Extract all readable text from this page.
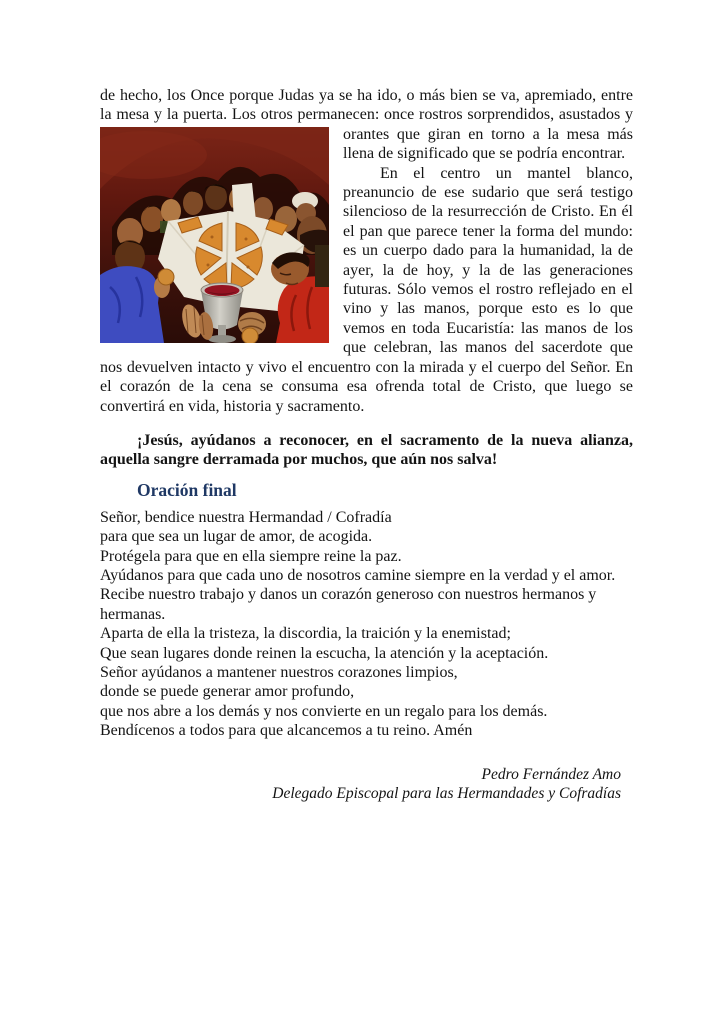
de hecho, los Once porque Judas ya se ha ido, o más bien se va, apremiado, entre la mesa y la puerta. Los otros permanecen: once rostros sorprendidos, asustados y orantes que
giran en torno a la mesa más llena de significado que se podría encontrar.

En el centro un mantel blanco, preanuncio de ese sudario que será testigo silencioso de la resurrección de Cristo. En él el pan que parece tener la forma del mundo: es un cuerpo dado para la humanidad, la de ayer, la de hoy, y la de las generaciones futuras. Sólo vemos el rostro reflejado en el vino y las manos, porque esto es lo que vemos en toda Eucaristía: las manos de los que celebran, las manos del sacerdote que nos devuelven intacto y vivo el encuentro con la mirada y el cuerpo del Señor. En el corazón de la cena se consuma esa ofrenda total de Cristo, que luego se convertirá en vida, historia y sacramento.

¡Jesús, ayúdanos a reconocer, en el sacramento de la nueva alianza, aquella sangre derramada por muchos, que aún nos salva!

Oración final
Señor, bendice nuestra Hermandad / Cofradía
para que sea un lugar de amor, de acogida.
Protégela para que en ella siempre reine la paz.
Ayúdanos para que cada uno de nosotros camine siempre en la verdad y el amor.
Recibe nuestro trabajo y danos un corazón generoso con nuestros hermanos y hermanas.
Aparta de ella la tristeza, la discordia, la traición y la enemistad;
Que sean lugares donde reinen la escucha, la atención y la aceptación.
Señor ayúdanos a mantener nuestros corazones limpios,
donde se puede generar amor profundo,
que nos abre a los demás y nos convierte en un regalo para los demás.
Bendícenos a todos para que alcancemos a tu reino. Amén
Pedro Fernández Amo
Delegado Episcopal para las Hermandades y Cofradías
